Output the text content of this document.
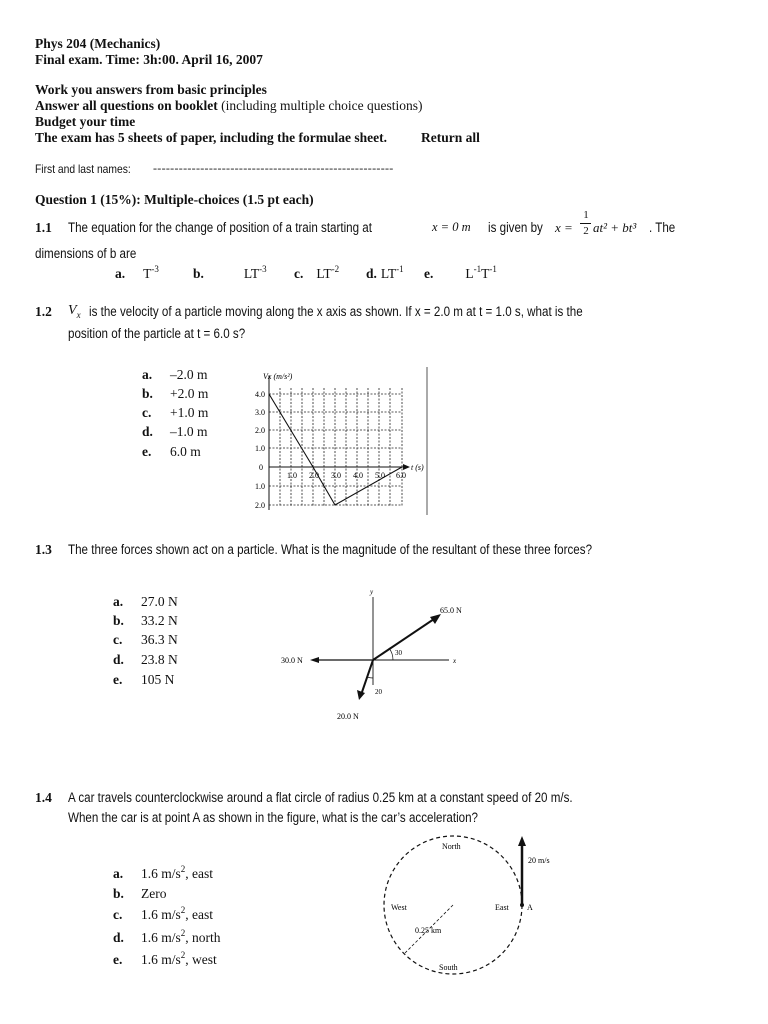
Phys 204 (Mechanics)
Final exam. Time: 3h:00. April 16, 2007
Work you answers from basic principles
Answer all questions on booklet (including multiple choice questions)
Budget your time
The exam has 5 sheets of paper, including the formulae sheet.	Return all
First and last names:	--------------------------------------------------------
Question 1 (15%): Multiple-choices (1.5 pt each)
1.1 The equation for the change of position of a train starting at	x = 0 m is given by x =
1
2 at² + bt³ . The
dimensions of b are
a. $T^{-3}$	b.	$LT^{-3}$ c. $LT^{-2}$ d. $LT^{-1}$ e. $L^{-1}T^{-1}$
1.2 $V_x$ is the velocity of a particle moving along the x axis as shown. If x = 2.0 m at t = 1.0 s, what is the
position of the particle at t = 6.0 s?
a. –2.0 m
b. +2.0 m
c. +1.0 m
d. –1.0 m
e. 6.0 m
Vx (m/s²)
t (s)
4.0
3.0
2.0
1.0
0
1.0
2.0
1.0 2.0 3.0 4.0 5.0 6.0
1.3 The three forces shown act on a particle. What is the magnitude of the resultant of these three forces?
a. 27.0 N
b. 33.2 N
c. 36.3 N
d. 23.8 N
e. 105 N
y
x
65.0 N
30.0 N
20.0 N
30
20
1.4 A car travels counterclockwise around a flat circle of radius 0.25 km at a constant speed of 20 m/s.
When the car is at point A as shown in the figure, what is the car’s acceleration?
a. 1.6 $m/s^2$, east
b. Zero
c. 1.6 $m/s^2$, east
d. 1.6 $m/s^2$, north
e. 1.6 $m/s^2$, west
North
South
East
West
0.25 km
20 m/s
A
